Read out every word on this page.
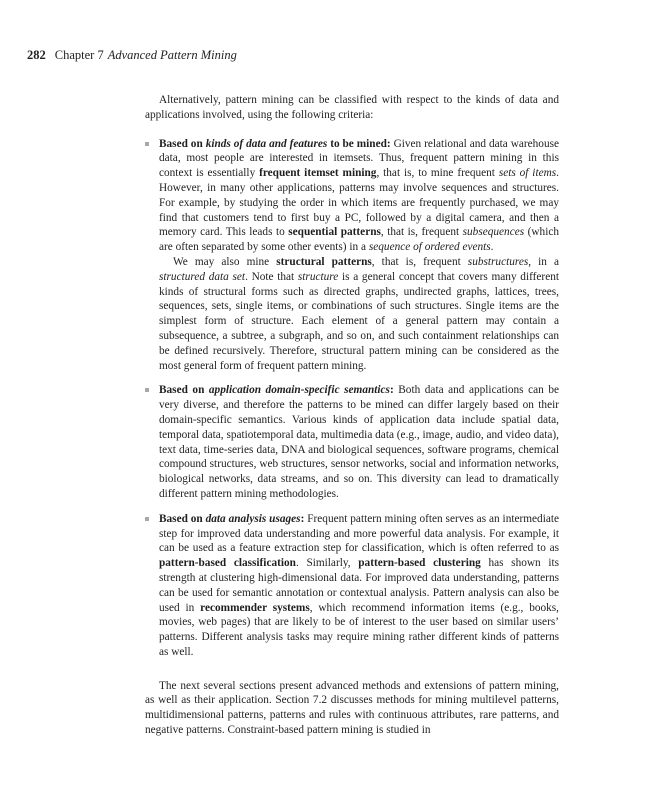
282 Chapter 7 Advanced Pattern Mining

Alternatively, pattern mining can be classified with respect to the kinds of data and applications involved, using the following criteria:

Based on kinds of data and features to be mined: Given relational and data warehouse data, most people are interested in itemsets. Thus, frequent pattern mining in this context is essentially frequent itemset mining, that is, to mine frequent sets of items. However, in many other applications, patterns may involve sequences and structures. For example, by studying the order in which items are frequently purchased, we may find that customers tend to first buy a PC, followed by a digital camera, and then a memory card. This leads to sequential patterns, that is, frequent subsequences (which are often separated by some other events) in a sequence of ordered events.

We may also mine structural patterns, that is, frequent substructures, in a structured data set. Note that structure is a general concept that covers many different kinds of structural forms such as directed graphs, undirected graphs, lattices, trees, sequences, sets, single items, or combinations of such structures. Single items are the simplest form of structure. Each element of a general pattern may contain a subsequence, a subtree, a subgraph, and so on, and such containment relationships can be defined recursively. Therefore, structural pattern mining can be considered as the most general form of frequent pattern mining.

Based on application domain-specific semantics: Both data and applications can be very diverse, and therefore the patterns to be mined can differ largely based on their domain-specific semantics. Various kinds of application data include spatial data, temporal data, spatiotemporal data, multimedia data (e.g., image, audio, and video data), text data, time-series data, DNA and biological sequences, software programs, chemical compound structures, web structures, sensor networks, social and information networks, biological networks, data streams, and so on. This diversity can lead to dramatically different pattern mining methodologies.

Based on data analysis usages: Frequent pattern mining often serves as an intermediate step for improved data understanding and more powerful data analysis. For example, it can be used as a feature extraction step for classification, which is often referred to as pattern-based classification. Similarly, pattern-based clustering has shown its strength at clustering high-dimensional data. For improved data understanding, patterns can be used for semantic annotation or contextual analysis. Pattern analysis can also be used in recommender systems, which recommend information items (e.g., books, movies, web pages) that are likely to be of interest to the user based on similar users’ patterns. Different analysis tasks may require mining rather different kinds of patterns as well.

The next several sections present advanced methods and extensions of pattern mining, as well as their application. Section 7.2 discusses methods for mining multilevel patterns, multidimensional patterns, patterns and rules with continuous attributes, rare patterns, and negative patterns. Constraint-based pattern mining is studied in
